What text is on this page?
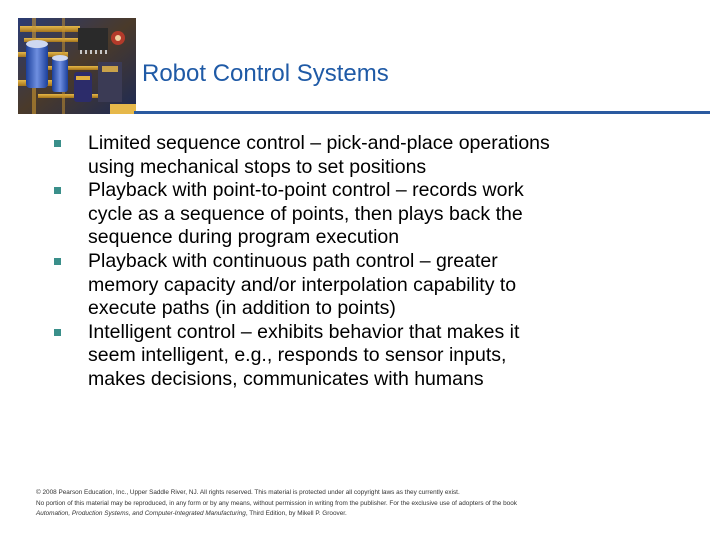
Robot Control Systems
Limited sequence control – pick-and-place operations
using mechanical stops to set positions
Playback with point-to-point control – records work
cycle as a sequence of points, then plays back the
sequence during program execution
Playback with continuous path control – greater
memory capacity and/or interpolation capability to
execute paths (in addition to points)
Intelligent control – exhibits behavior that makes it
seem intelligent, e.g., responds to sensor inputs,
makes decisions, communicates with humans
© 2008 Pearson Education, Inc., Upper Saddle River, NJ. All rights reserved. This material is protected under all copyright laws as they currently exist.
No portion of this material may be reproduced, in any form or by any means, without permission in writing from the publisher. For the exclusive use of adopters of the book
Automation, Production Systems, and Computer-Integrated Manufacturing, Third Edition, by Mikell P. Groover.
